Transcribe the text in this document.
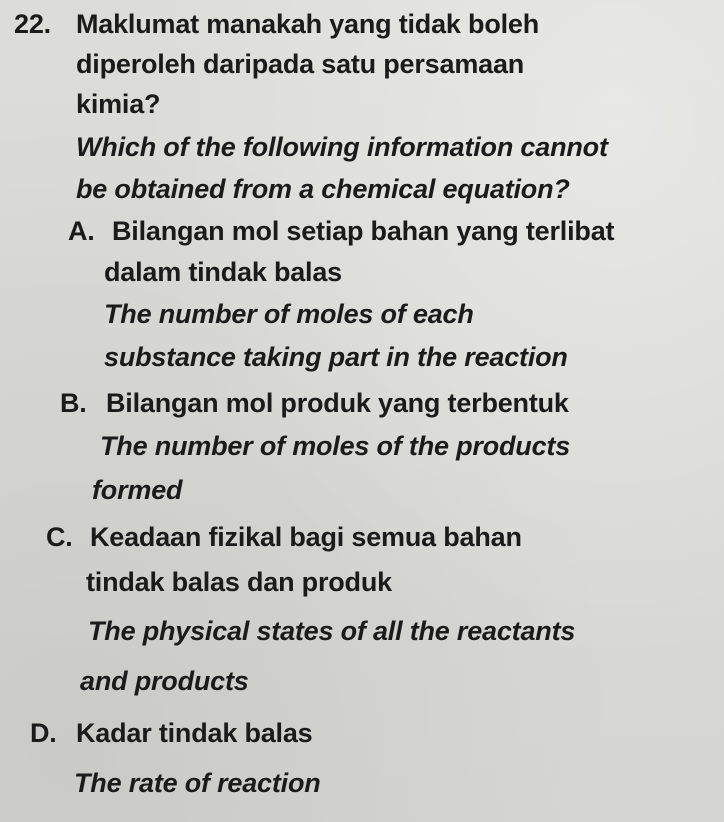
22. Maklumat manakah yang tidak boleh
diperoleh daripada satu persamaan
kimia?
Which of the following information cannot
be obtained from a chemical equation?
A. Bilangan mol setiap bahan yang terlibat
dalam tindak balas
The number of moles of each
substance taking part in the reaction
B. Bilangan mol produk yang terbentuk
The number of moles of the products
formed
C. Keadaan fizikal bagi semua bahan
tindak balas dan produk
The physical states of all the reactants
and products
D. Kadar tindak balas
The rate of reaction
